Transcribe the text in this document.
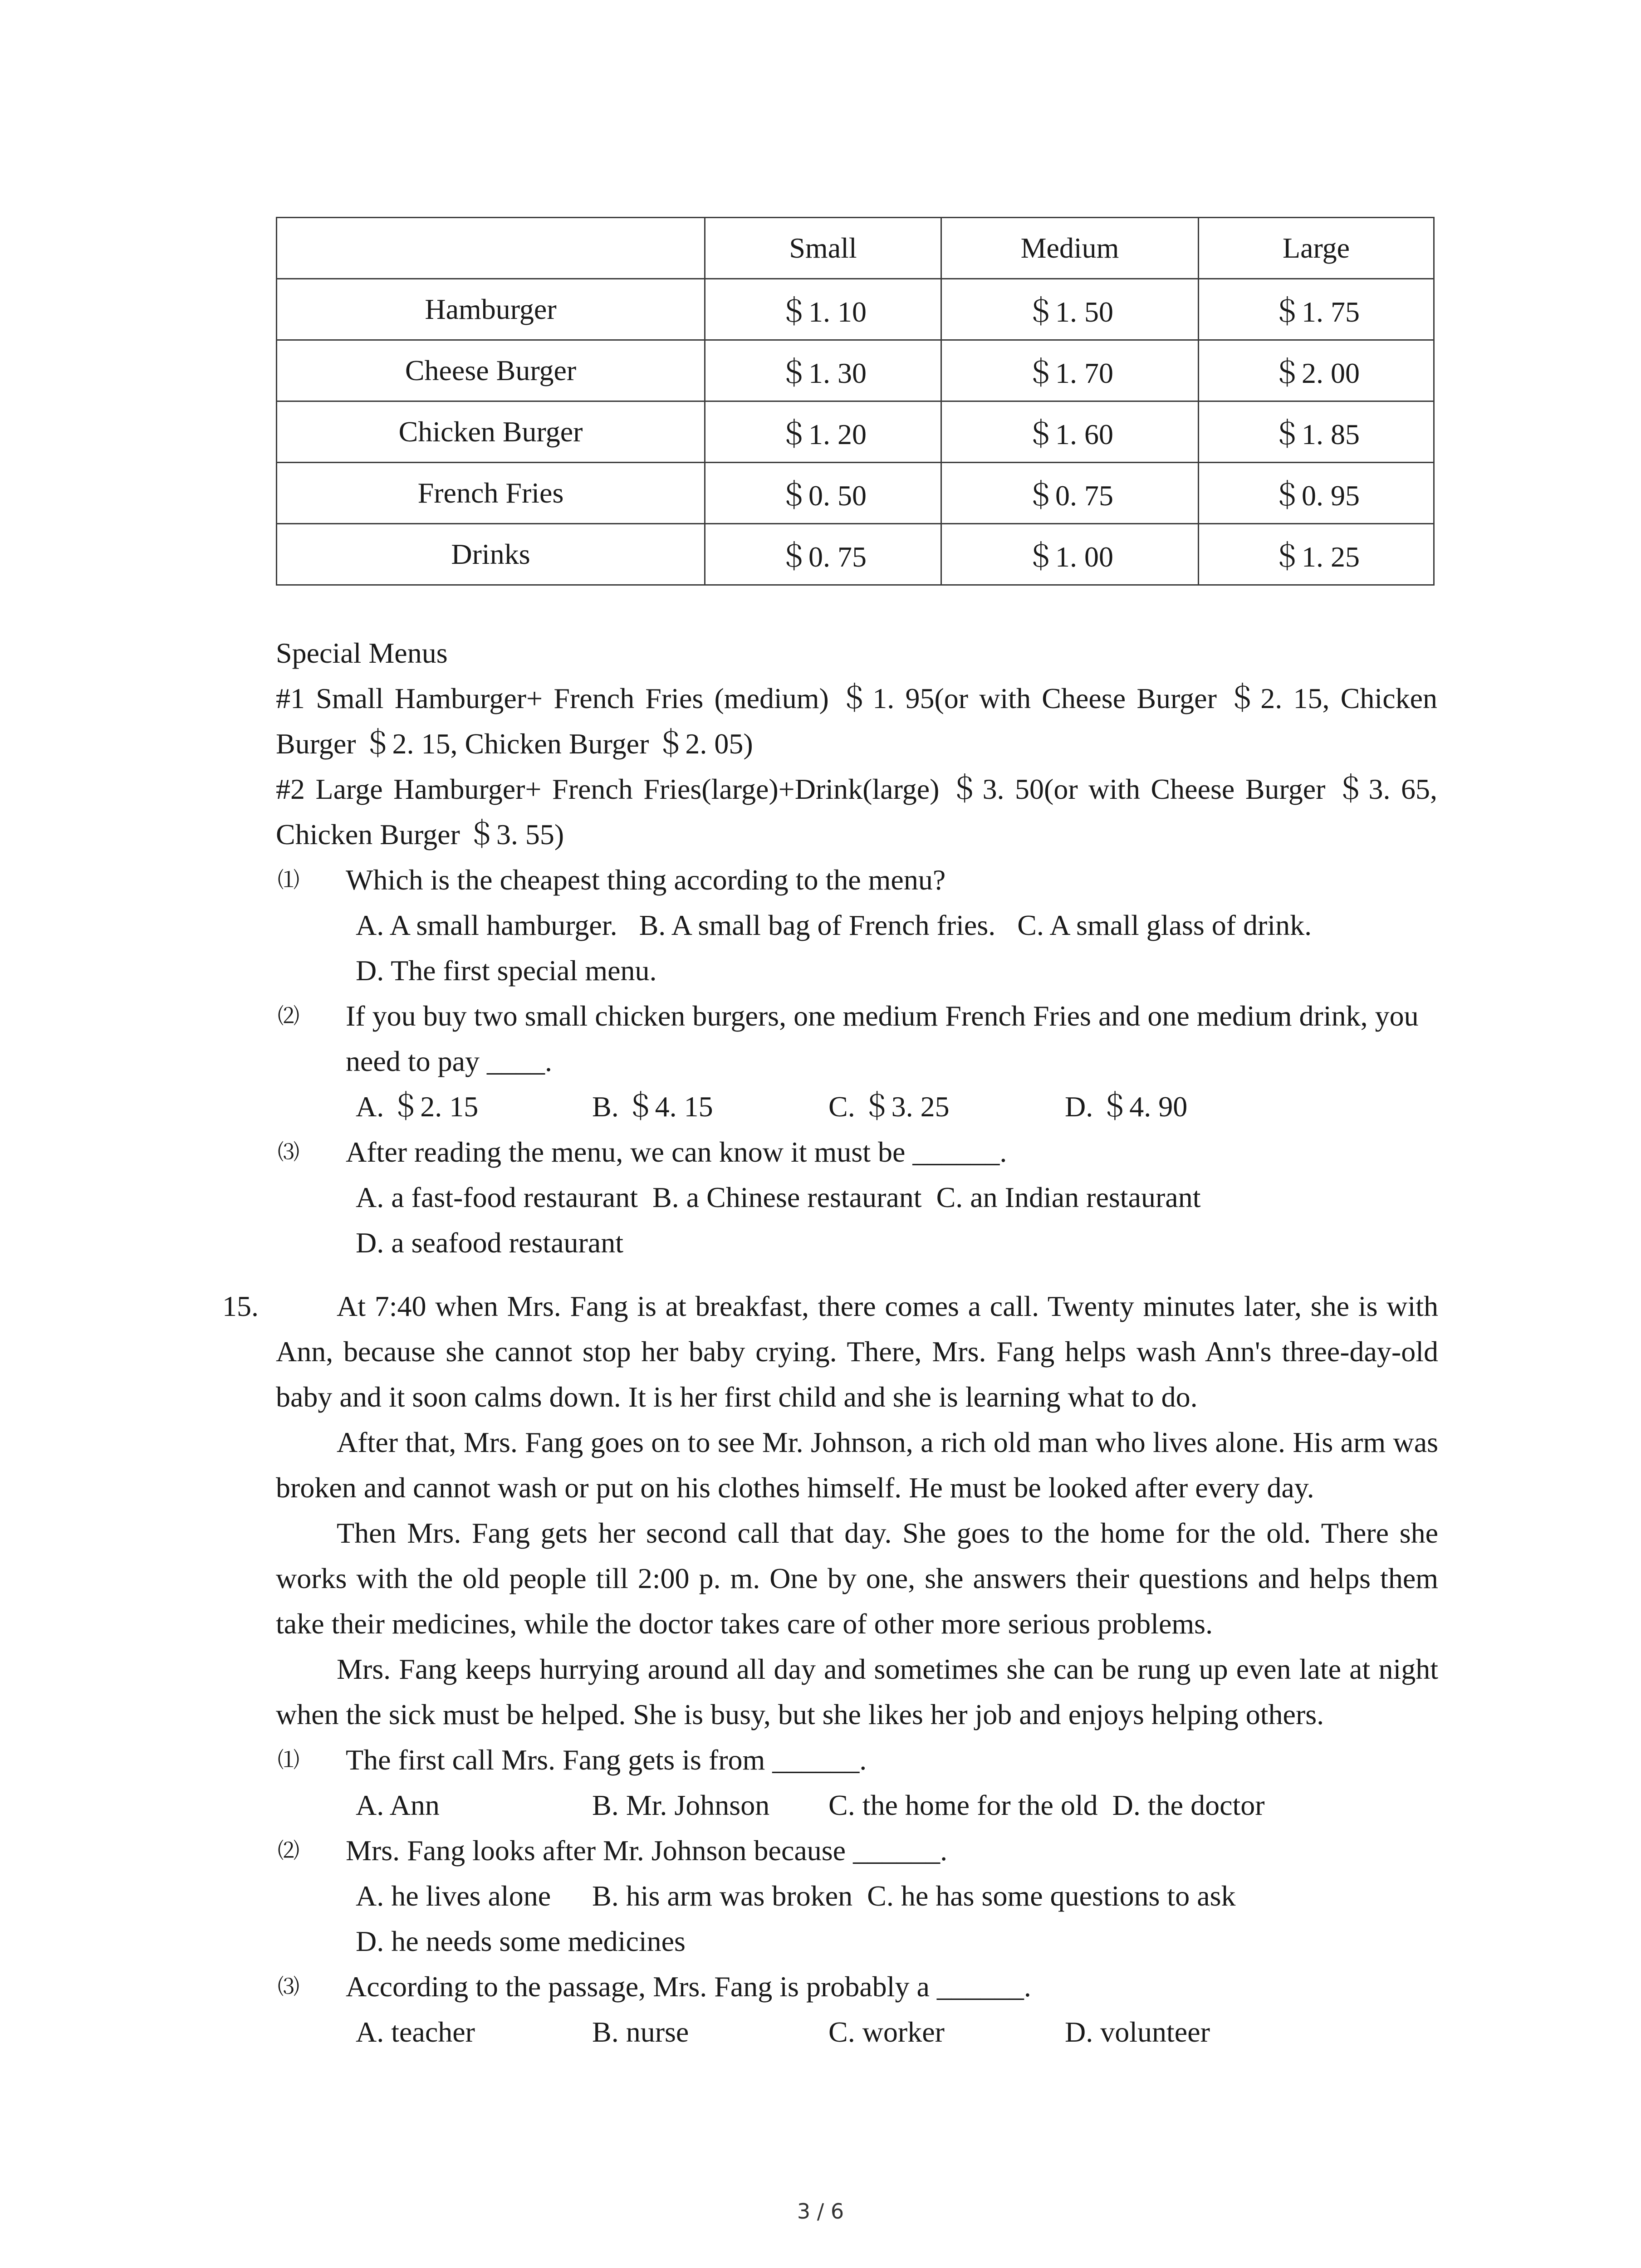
	Small	Medium	Large
Hamburger	＄1. 10	＄1. 50	＄1. 75
Cheese Burger	＄1. 30	＄1. 70	＄2. 00
Chicken Burger	＄1. 20	＄1. 60	＄1. 85
French Fries	＄0. 50	＄0. 75	＄0. 95
Drinks	＄0. 75	＄1. 00	＄1. 25
Special Menus
#1 Small Hamburger+ French Fries (medium) ＄1. 95(or with Cheese Burger ＄2. 15, Chicken Burger ＄2. 15, Chicken Burger ＄2. 05)
#2 Large Hamburger+ French Fries(large)+Drink(large) ＄3. 50(or with Cheese Burger ＄3. 65, Chicken Burger ＄3. 55)
⑴ Which is the cheapest thing according to the menu?
A. A small hamburger. B. A small bag of French fries. C. A small glass of drink.
D. The first special menu.
⑵ If you buy two small chicken burgers, one medium French Fries and one medium drink, you need to pay ____.
A. ＄2. 15	B. ＄4. 15	C. ＄3. 25	D. ＄4. 90
⑶ After reading the menu, we can know it must be ______.
A. a fast-food restaurant B. a Chinese restaurant C. an Indian restaurant
D. a seafood restaurant
15.	At 7:40 when Mrs. Fang is at breakfast, there comes a call. Twenty minutes later, she is with Ann, because she cannot stop her baby crying. There, Mrs. Fang helps wash Ann's three-day-old baby and it soon calms down. It is her first child and she is learning what to do.
After that, Mrs. Fang goes on to see Mr. Johnson, a rich old man who lives alone. His arm was broken and cannot wash or put on his clothes himself. He must be looked after every day.
Then Mrs. Fang gets her second call that day. She goes to the home for the old. There she works with the old people till 2:00 p. m. One by one, she answers their questions and helps them take their medicines, while the doctor takes care of other more serious problems.
Mrs. Fang keeps hurrying around all day and sometimes she can be rung up even late at night when the sick must be helped. She is busy, but she likes her job and enjoys helping others.
⑴ The first call Mrs. Fang gets is from ______.
A. Ann	B. Mr. Johnson C. the home for the old D. the doctor
⑵ Mrs. Fang looks after Mr. Johnson because ______.
A. he lives alone B. his arm was broken C. he has some questions to ask
D. he needs some medicines
⑶ According to the passage, Mrs. Fang is probably a ______.
A. teacher	B. nurse	C. worker	D. volunteer
3 / 6
